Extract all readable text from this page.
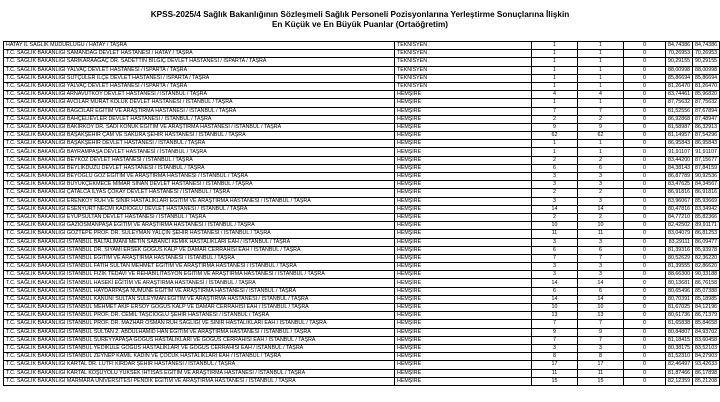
KPSS-2025/4 Sağlık Bakanlığının Sözleşmeli Sağlık Personeli Pozisyonlarına Yerleştirme Sonuçlarına İlişkin
En Küçük ve En Büyük Puanlar (Ortaöğretim)
HATAY İL SAĞLIK MÜDÜRLÜĞÜ / HATAY / TAŞRA	TEKNİSYEN	1	1	0	84,74386	84,74386
T.C. SAĞLIK BAKANLIĞI SAMANDAĞ DEVLET HASTANESİ / HATAY / TAŞRA	TEKNİSYEN	1	1	0	70,26953	70,26953
T.C. SAĞLIK BAKANLIĞI SARIKARAAĞAÇ DR. SADETTİN BİLGİÇ DEVLET HASTANESİ / ISPARTA / TAŞRA	TEKNİSYEN	1	1	0	90,29155	90,29155
T.C. SAĞLIK BAKANLIĞI YALVAÇ DEVLET HASTANESİ / ISPARTA / TAŞRA	TEKNİSYEN	1	1	0	88,00998	88,00998
T.C. SAĞLIK BAKANLIĞI SÜTÇÜLER İLÇE DEVLET HASTANESİ / ISPARTA / TAŞRA	TEKNİSYEN	1	1	0	85,86694	85,86694
T.C. SAĞLIK BAKANLIĞI YALVAÇ DEVLET HASTANESİ / ISPARTA / TAŞRA	TEKNİSYEN	1	1	0	81,26470	81,26470
T.C. SAĞLIK BAKANLIĞI ARNAVUTKÖY DEVLET HASTANESİ / İSTANBUL / TAŞRA	HEMŞİRE	4	4	0	83,74461	85,96820
T.C. SAĞLIK BAKANLIĞI AVCILAR MURAT KÖLÜK DEVLET HASTANESİ / İSTANBUL / TAŞRA	HEMŞİRE	1	1	0	87,75632	87,75632
T.C. SAĞLIK BAKANLIĞI BAĞCILAR EĞİTİM VE ARAŞTIRMA HASTANESİ / İSTANBUL / TAŞRA	HEMŞİRE	7	7	0	81,52556	87,67894
T.C. SAĞLIK BAKANLIĞI BAHÇELİEVLER DEVLET HASTANESİ / İSTANBUL / TAŞRA	HEMŞİRE	2	2	0	86,92868	87,48947
T.C. SAĞLIK BAKANLIĞI BAKIRKÖY DR. SADİ KONUK EĞİTİM VE ARAŞTIRMA HASTANESİ / İSTANBUL / TAŞRA	HEMŞİRE	9	9	0	81,58987	86,32913
T.C. SAĞLIK BAKANLIĞI BAŞAKŞEHİR ÇAM VE SAKURA ŞEHİR HASTANESİ / İSTANBUL / TAŞRA	HEMŞİRE	62	62	0	81,14957	87,54296
T.C. SAĞLIK BAKANLIĞI BAŞAKŞEHİR DEVLET HASTANESİ / İSTANBUL / TAŞRA	HEMŞİRE	1	1	0	86,95843	86,95843
T.C. SAĞLIK BAKANLIĞI BAYRAMPAŞA DEVLET HASTANESİ / İSTANBUL / TAŞRA	HEMŞİRE	1	1	0	91,91107	91,91107
T.C. SAĞLIK BAKANLIĞI BEYKOZ DEVLET HASTANESİ / İSTANBUL / TAŞRA	HEMŞİRE	2	2	0	83,44200	87,15677
T.C. SAĞLIK BAKANLIĞI BEYLİKDÜZÜ DEVLET HASTANESİ / İSTANBUL / TAŞRA	HEMŞİRE	6	6	0	84,38143	87,84159
T.C. SAĞLIK BAKANLIĞI BEYOĞLU GÖZ EĞİTİM VE ARAŞTIRMA HASTANESİ / İSTANBUL / TAŞRA	HEMŞİRE	3	3	0	86,87789	90,92536
T.C. SAĞLIK BAKANLIĞI BÜYÜKÇEKMECE MİMAR SİNAN DEVLET HASTANESİ / İSTANBUL / TAŞRA	HEMŞİRE	3	3	0	83,47625	84,34567
T.C. SAĞLIK BAKANLIĞI ÇATALCA İLYAS ÇOKAY DEVLET HASTANESİ / İSTANBUL / TAŞRA	HEMŞİRE	2	2	0	86,91816	86,91816
T.C. SAĞLIK BAKANLIĞI ERENKÖY RUH VE SİNİR HASTALIKLARI EĞİTİM VE ARAŞTIRMA HASTANESİ / İSTANBUL / TAŞRA	HEMŞİRE	3	3	0	83,96067	85,93669
T.C. SAĞLIK BAKANLIĞI ESENYURT NECMİ KADIOĞLU DEVLET HASTANESİ / İSTANBUL / TAŞRA	HEMŞİRE	14	14	0	80,47816	83,34942
T.C. SAĞLIK BAKANLIĞI EYÜPSULTAN DEVLET HASTANESİ / İSTANBUL / TAŞRA	HEMŞİRE	2	2	0	84,77210	85,82366
T.C. SAĞLIK BAKANLIĞI GAZİOSMANPAŞA EĞİTİM VE ARAŞTIRMA HASTANESİ / İSTANBUL / TAŞRA	HEMŞİRE	10	10	0	82,42502	89,91171
T.C. SAĞLIK BAKANLIĞI GÖZTEPE PROF. DR. SÜLEYMAN YALÇIN ŞEHİR HASTANESİ / İSTANBUL / TAŞRA	HEMŞİRE	11	11	0	83,04079	86,81253
T.C. SAĞLIK BAKANLIĞI İSTANBUL BALTALİMANI METİN SABANCI KEMİK HASTALIKLARI EAH / İSTANBUL / TAŞRA	HEMŞİRE	3	3	0	83,29111	86,09477
T.C. SAĞLIK BAKANLIĞI İSTANBUL DR. SİYAMİ ERSEK GÖĞÜS KALP VE DAMAR CERRAHİSİ EAH / İSTANBUL / TAŞRA	HEMŞİRE	6	6	0	81,39316	85,93978
T.C. SAĞLIK BAKANLIĞI İSTANBUL EĞİTİM VE ARAŞTIRMA HASTANESİ / İSTANBUL / TAŞRA	HEMŞİRE	7	7	0	80,52629	82,36220
T.C. SAĞLIK BAKANLIĞI İSTANBUL FATİH SULTAN MEHMET EĞİTİM VE ARAŞTIRMA HASTANESİ / İSTANBUL / TAŞRA	HEMŞİRE	3	3	0	81,39555	82,86620
T.C. SAĞLIK BAKANLIĞI İSTANBUL FİZİK TEDAVİ VE REHABİLİTASYON EĞİTİM VE ARAŞTIRMA HASTANESİ / İSTANBUL / TAŞRA	HEMŞİRE	3	3	0	88,66300	90,33188
T.C. SAĞLIK BAKANLIĞI İSTANBUL HASEKİ EĞİTİM VE ARAŞTIRMA HASTANESİ / İSTANBUL / TAŞRA	HEMŞİRE	14	14	0	80,13681	86,76158
T.C. SAĞLIK BAKANLIĞI İSTANBUL HAYDARPAŞA NUMUNE EĞİTİM VE ARAŞTIRMA HASTANESİ / İSTANBUL / TAŞRA	HEMŞİRE	6	6	0	80,65496	85,07388
T.C. SAĞLIK BAKANLIĞI İSTANBUL KANUNİ SULTAN SÜLEYMAN EĞİTİM VE ARAŞTIRMA HASTANESİ / İSTANBUL / TAŞRA	HEMŞİRE	14	14	0	80,70391	85,18985
T.C. SAĞLIK BAKANLIĞI İSTANBUL MEHMET AKİF ERSOY GÖĞÜS KALP VE DAMAR CERRAHİSİ EAH / İSTANBUL / TAŞRA	HEMŞİRE	10	10	0	81,67025	84,12196
T.C. SAĞLIK BAKANLIĞI İSTANBUL PROF. DR. CEMİL TAŞCIOĞLU ŞEHİR HASTANESİ / İSTANBUL / TAŞRA	HEMŞİRE	13	13	0	80,61736	86,71379
T.C. SAĞLIK BAKANLIĞI İSTANBUL PROF. DR. MAZHAR OSMAN RUH SAĞLIĞI VE SİNİR HASTALIKLARI EAH / İSTANBUL / TAŞRA	HEMŞİRE	7	7	0	81,65838	85,84658
T.C. SAĞLIK BAKANLIĞI İSTANBUL SULTAN 2. ABDÜLHAMİD HAN EĞİTİM VE ARAŞTIRMA HASTANESİ / İSTANBUL / TAŞRA	HEMŞİRE	9	9	0	80,84807	84,93702
T.C. SAĞLIK BAKANLIĞI İSTANBUL SUREYYAPAŞA GÖĞÜS HASTALIKLARI VE GÖĞÜS CERRAHİSİ EAH / İSTANBUL / TAŞRA	HEMŞİRE	7	7	0	81,18415	83,60458
T.C. SAĞLIK BAKANLIĞI İSTANBUL YEDİKULE GÖĞÜS HASTALIKLARI VE GÖĞÜS CERRAHİSİ EAH / İSTANBUL / TAŞRA	HEMŞİRE	3	3	0	80,38175	83,52103
T.C. SAĞLIK BAKANLIĞI İSTANBUL ZEYNEP KAMİL KADIN VE ÇOCUK HASTALIKLARI EAH / İSTANBUL / TAŞRA	HEMŞİRE	8	8	0	81,52310	84,27903
T.C. SAĞLIK BAKANLIĞI KARTAL DR. LÜTFİ KIRDAR ŞEHİR HASTANESİ / İSTANBUL / TAŞRA	HEMŞİRE	17	17	0	82,46497	93,42633
T.C. SAĞLIK BAKANLIĞI KARTAL KOŞUYOLU YÜKSEK İHTİSAS EĞİTİM VE ARAŞTIRMA HASTANESİ / İSTANBUL / TAŞRA	HEMŞİRE	11	11	0	81,87466	86,17898
T.C. SAĞLIK BAKANLIĞI MARMARA ÜNİVERSİTESİ PENDİK EĞİTİM VE ARAŞTIRMA HASTANESİ / İSTANBUL / TAŞRA	HEMŞİRE	15	15	0	82,12359	85,21208
